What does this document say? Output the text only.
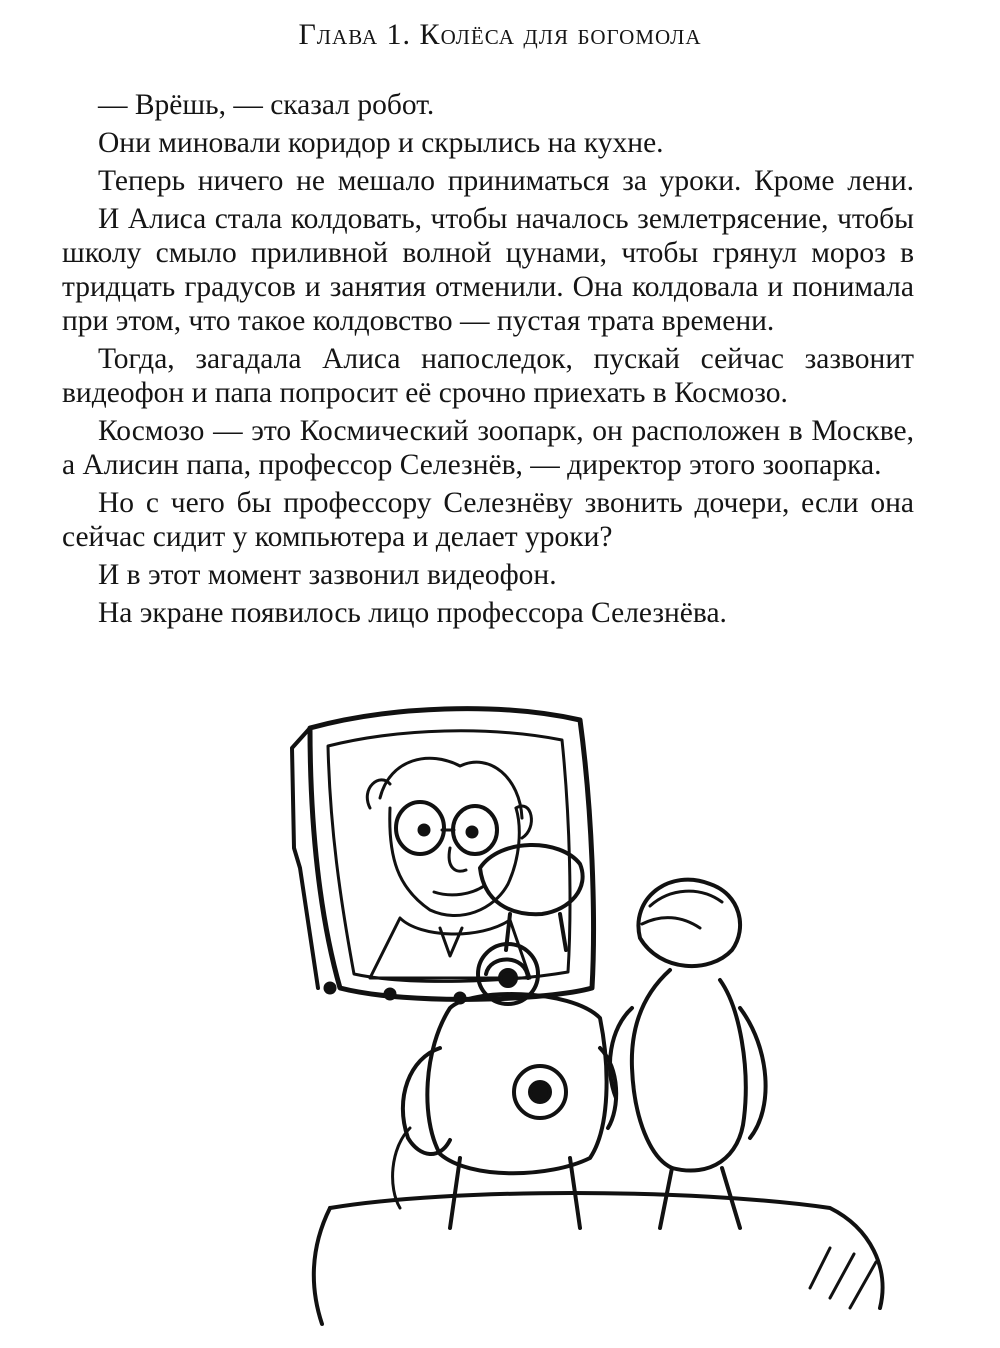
Глава 1. Колёса для богомола

— Врёшь, — сказал робот.

Они миновали коридор и скрылись на кухне.

Теперь ничего не мешало приниматься за уроки. Кроме лени.

И Алиса стала колдовать, чтобы началось землетрясение, чтобы школу смыло приливной волной цунами, чтобы грянул мороз в тридцать градусов и занятия отменили. Она колдовала и понимала при этом, что такое колдовство — пустая трата времени.

Тогда, загадала Алиса напоследок, пускай сейчас зазвонит видеофон и папа попросит её срочно приехать в Космозо.

Космозо — это Космический зоопарк, он расположен в Москве, а Алисин папа, профессор Селезнёв, — директор этого зоопарка.

Но с чего бы профессору Селезнёву звонить дочери, если она сейчас сидит у компьютера и делает уроки?

И в этот момент зазвонил видеофон.

На экране появилось лицо профессора Селезнёва.
